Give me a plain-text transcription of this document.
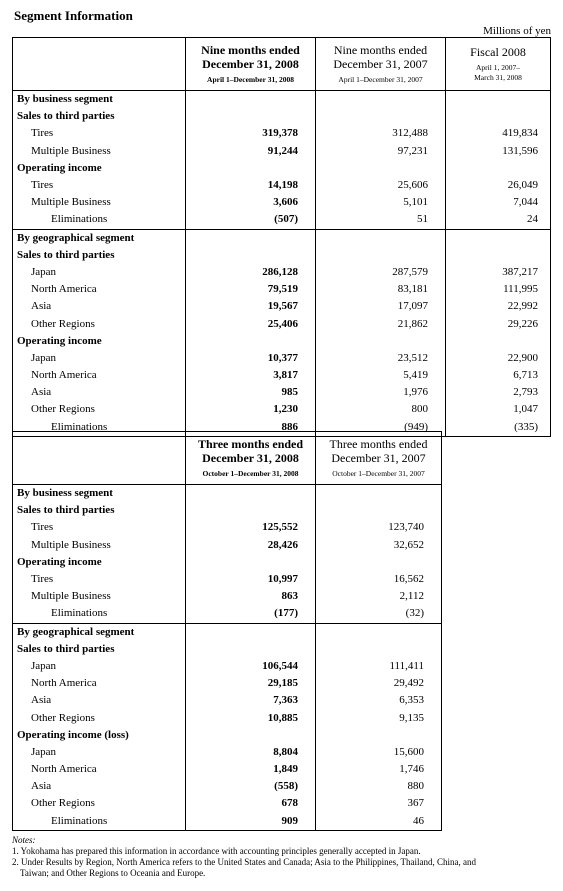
Segment Information
Millions of yen

	Nine months ended
December 31, 2008
April 1–December 31, 2008	Nine months ended
December 31, 2007
April 1–December 31, 2007	Fiscal 2008
April 1, 2007–
March 31, 2008

By business segment			
Sales to third parties			
Tires	319,378	312,488	419,834
Multiple Business	91,244	97,231	131,596
Operating income			
Tires	14,198	25,606	26,049
Multiple Business	3,606	5,101	7,044
Eliminations	(507)	51	24
By geographical segment			
Sales to third parties			
Japan	286,128	287,579	387,217
North America	79,519	83,181	111,995
Asia	19,567	17,097	22,992
Other Regions	25,406	21,862	29,226
Operating income			
Japan	10,377	23,512	22,900
North America	3,817	5,419	6,713
Asia	985	1,976	2,793
Other Regions	1,230	800	1,047
Eliminations	886	(949)	(335)

	Three months ended
December 31, 2008
October 1–December 31, 2008	Three months ended
December 31, 2007
October 1–December 31, 2007

By business segment		
Sales to third parties		
Tires	125,552	123,740
Multiple Business	28,426	32,652
Operating income		
Tires	10,997	16,562
Multiple Business	863	2,112
Eliminations	(177)	(32)
By geographical segment		
Sales to third parties		
Japan	106,544	111,411
North America	29,185	29,492
Asia	7,363	6,353
Other Regions	10,885	9,135
Operating income (loss)		
Japan	8,804	15,600
North America	1,849	1,746
Asia	(558)	880
Other Regions	678	367
Eliminations	909	46
Notes:
1. Yokohama has prepared this information in accordance with accounting principles generally accepted in Japan.
2. Under Results by Region, North America refers to the United States and Canada; Asia to the Philippines, Thailand, China, and
Taiwan; and Other Regions to Oceania and Europe.
